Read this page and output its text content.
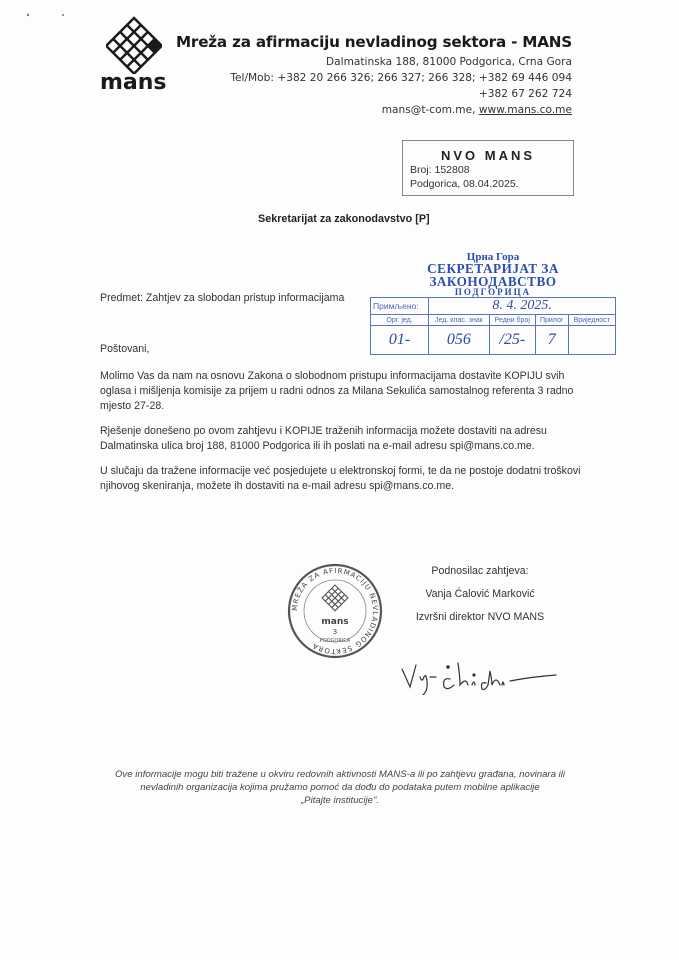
mans
Mreža za afirmaciju nevladinog sektora - MANS
Dalmatinska 188, 81000 Podgorica, Crna Gora
Tel/Mob: +382 20 266 326; 266 327; 266 328; +382 69 446 094
+382 67 262 724
mans@t-com.me, www.mans.co.me
NVO MANS
Broj: 152808
Podgorica, 08.04.2025.
Sekretarijat za zakonodavstvo [P]
Црна Гора
СЕКРЕТАРИЈАТ ЗА ЗАКОНОДАВСТВО
ПОДГОРИЦА
Примљено:	8. 4. 2025.			
Орг. јед.	Јед. клас. знак	Редни број	Прилог	Вриједност
01-	056	/25-	7	
Predmet: Zahtjev za slobodan pristup informacijama

Poštovani,

Molimo Vas da nam na osnovu Zakona o slobodnom pristupu informacijama dostavite KOPIJU svih oglasa i mišljenja komisije za prijem u radni odnos za Milana Sekulića samostalnog referenta 3 radno mjesto 27-28.

Rješenje donešeno po ovom zahtjevu i KOPIJE traženih informacija možete dostaviti na adresu Dalmatinska ulica broj 188, 81000 Podgorica ili ih poslati na e-mail adresu spi@mans.co.me.

U slučaju da tražene informacije već posjedujete u elektronskoj formi, te da ne postoje dodatni troškovi njihovog skeniranja, možete ih dostaviti na e-mail adresu spi@mans.co.me.

MREŽA ZA AFIRMACIJU NEVLADINOG SEKTORA
mans
3
PODGORICA
Podnosilac zahtjeva:
Vanja Ćalović Marković
Izvršni direktor NVO MANS
Ove informacije mogu biti tražene u okviru redovnih aktivnosti MANS-a ili po zahtjevu građana, novinara ili
nevladinih organizacija kojima pružamo pomoć da dođu do podataka putem mobilne aplikacije
„Pitajte institucije".
